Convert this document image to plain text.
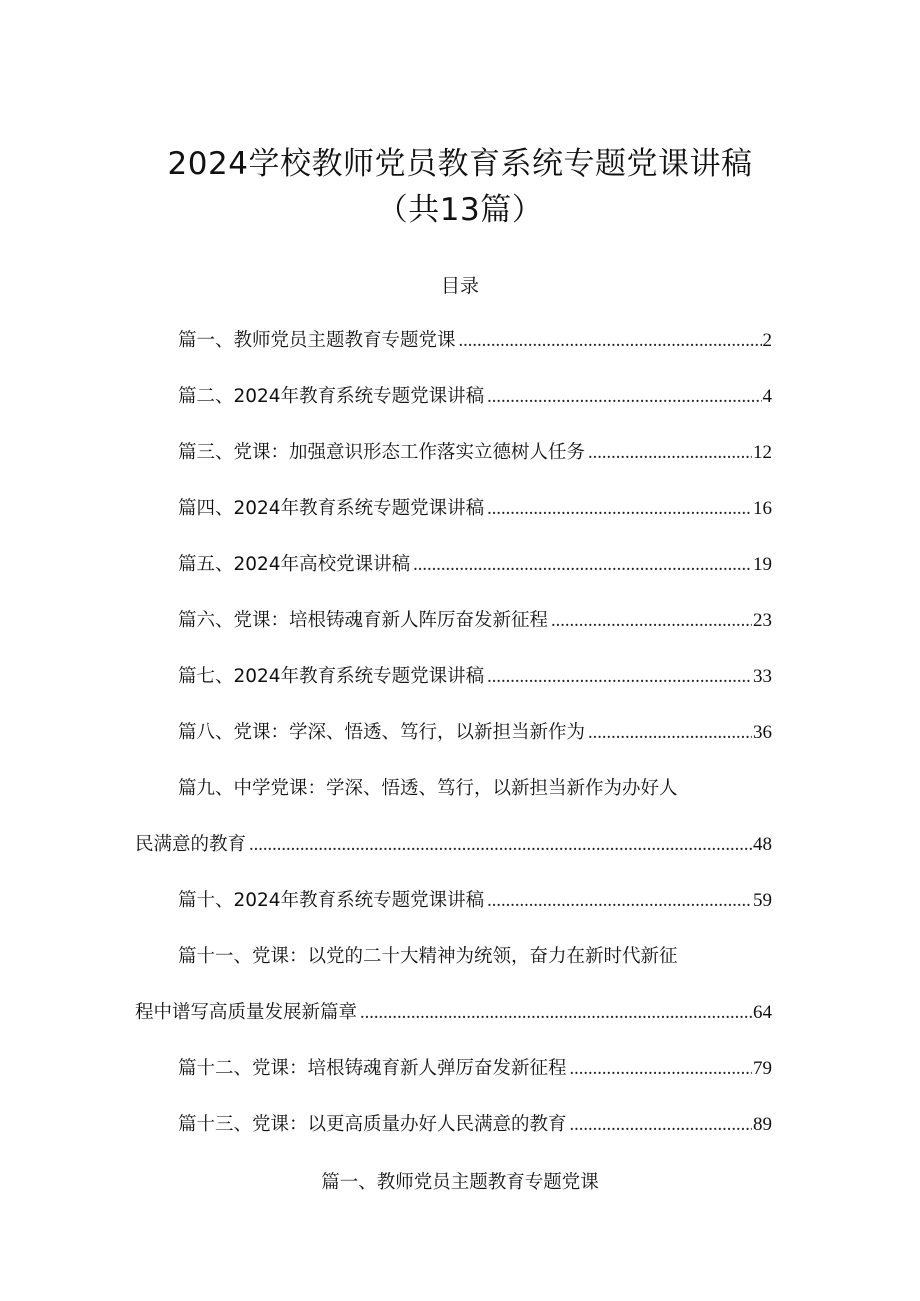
2024学校教师党员教育系统专题党课讲稿
（共13篇）
目录
篇一、教师党员主题教育专题党课 .....	2
篇二、2024年教育系统专题党课讲稿 .....	4
篇三、党课：加强意识形态工作落实立德树人任务 .....	12
篇四、2024年教育系统专题党课讲稿 .....	16
篇五、2024年高校党课讲稿 .....	19
篇六、党课：培根铸魂育新人阵厉奋发新征程 .....	23
篇七、2024年教育系统专题党课讲稿 .....	33
篇八、党课：学深、悟透、笃行，以新担当新作为 .....	36
篇九、中学党课：学深、悟透、笃行，以新担当新作为办好人
民满意的教育 .....	48
篇十、2024年教育系统专题党课讲稿 .....	59
篇十一、党课：以党的二十大精神为统领，奋力在新时代新征
程中谱写高质量发展新篇章 .....	64
篇十二、党课：培根铸魂育新人弹厉奋发新征程 .....	79
篇十三、党课：以更高质量办好人民满意的教育 .....	89
篇一、教师党员主题教育专题党课
